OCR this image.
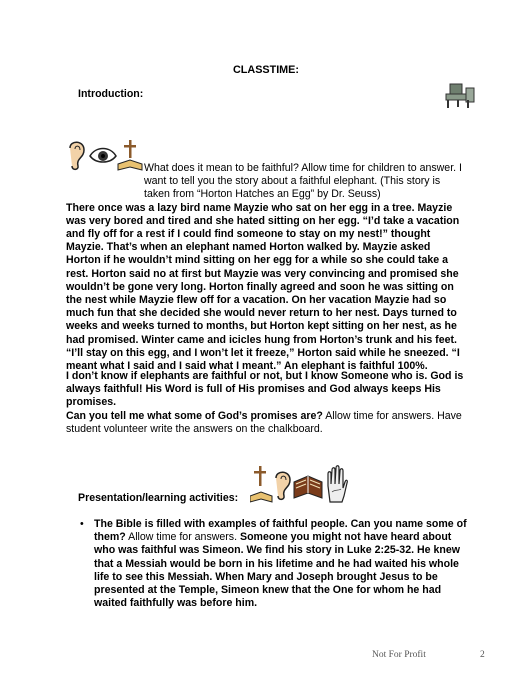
CLASSTIME:
Introduction:
What does it mean to be faithful? Allow time for children to answer. I want to tell you the story about a faithful elephant. (This story is taken from “Horton Hatches an Egg” by Dr. Seuss)
There once was a lazy bird name Mayzie who sat on her egg in a tree. Mayzie was very bored and tired and she hated sitting on her egg. “I’d take a vacation and fly off for a rest if I could find someone to stay on my nest!” thought Mayzie. That’s when an elephant named Horton walked by. Mayzie asked Horton if he wouldn’t mind sitting on her egg for a while so she could take a rest. Horton said no at first but Mayzie was very convincing and promised she wouldn’t be gone very long. Horton finally agreed and soon he was sitting on the nest while Mayzie flew off for a vacation. On her vacation Mayzie had so much fun that she decided she would never return to her nest. Days turned to weeks and weeks turned to months, but Horton kept sitting on her nest, as he had promised. Winter came and icicles hung from Horton’s trunk and his feet. “I’ll stay on this egg, and I won’t let it freeze,” Horton said while he sneezed. “I meant what I said and I said what I meant.” An elephant is faithful 100%.
I don’t know if elephants are faithful or not, but I know Someone who is. God is always faithful! His Word is full of His promises and God always keeps His promises.
Can you tell me what some of God’s promises are? Allow time for answers. Have student volunteer write the answers on the chalkboard.
Presentation/learning activities:
• The Bible is filled with examples of faithful people. Can you name some of them? Allow time for answers. Someone you might not have heard about who was faithful was Simeon. We find his story in Luke 2:25-32. He knew that a Messiah would be born in his lifetime and he had waited his whole life to see this Messiah. When Mary and Joseph brought Jesus to be presented at the Temple, Simeon knew that the One for whom he had waited faithfully was before him.
Not For Profit	2
